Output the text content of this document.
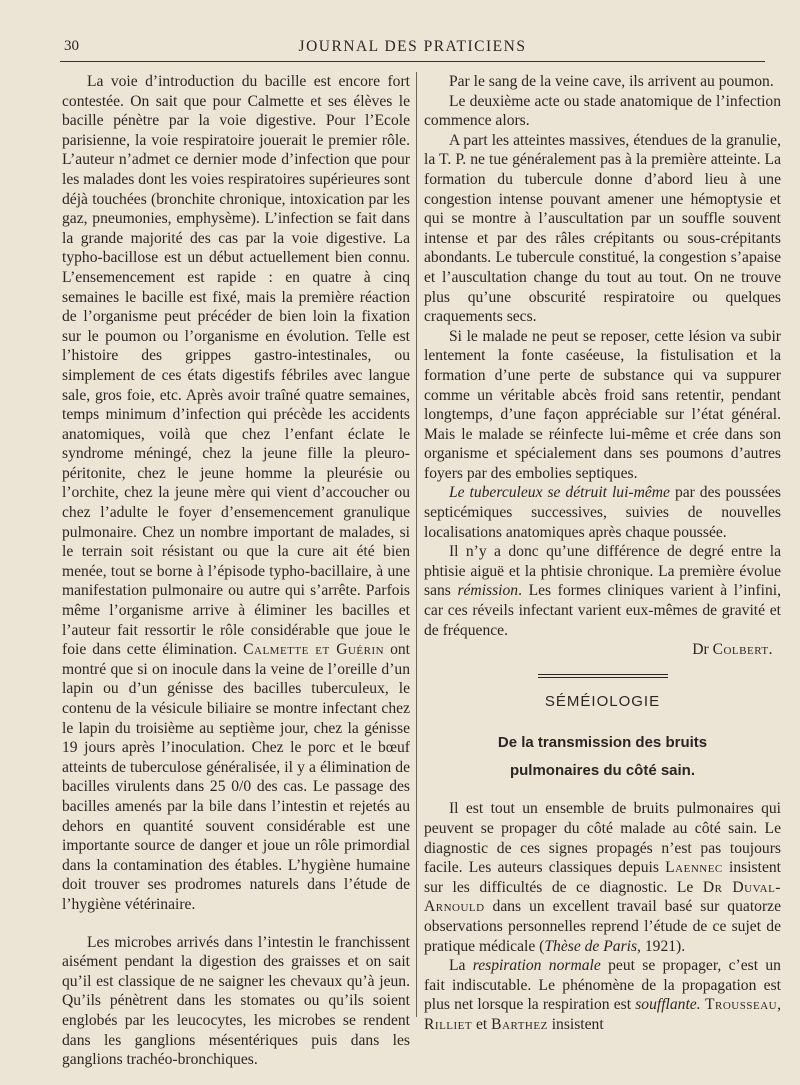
30	JOURNAL DES PRATICIENS

La voie d’introduction du bacille est encore fort contestée. On sait que pour Calmette et ses élèves le bacille pénètre par la voie digestive. Pour l’Ecole parisienne, la voie respiratoire jouerait le premier rôle. L’auteur n’admet ce dernier mode d’infection que pour les malades dont les voies respiratoires supérieures sont déjà touchées (bronchite chronique, intoxication par les gaz, pneumonies, emphysème). L’infection se fait dans la grande majorité des cas par la voie digestive. La typho-bacillose est un début actuellement bien connu. L’ensemencement est rapide : en quatre à cinq semaines le bacille est fixé, mais la première réaction de l’organisme peut précéder de bien loin la fixation sur le poumon ou l’organisme en évolution. Telle est l’histoire des grippes gastro-intestinales, ou simplement de ces états digestifs fébriles avec langue sale, gros foie, etc. Après avoir traîné quatre semaines, temps minimum d’infection qui précède les accidents anatomiques, voilà que chez l’enfant éclate le syndrome méningé, chez la jeune fille la pleuro-péritonite, chez le jeune homme la pleurésie ou l’orchite, chez la jeune mère qui vient d’accoucher ou chez l’adulte le foyer d’ensemencement granulique pulmonaire. Chez un nombre important de malades, si le terrain soit résistant ou que la cure ait été bien menée, tout se borne à l’épisode typho-bacillaire, à une manifestation pulmonaire ou autre qui s’arrête. Parfois même l’organisme arrive à éliminer les bacilles et l’auteur fait ressortir le rôle considérable que joue le foie dans cette élimination. Calmette et Guérin ont montré que si on inocule dans la veine de l’oreille d’un lapin ou d’un génisse des bacilles tuberculeux, le contenu de la vésicule biliaire se montre infectant chez le lapin du troisième au septième jour, chez la génisse 19 jours après l’inoculation. Chez le porc et le bœuf atteints de tuberculose généralisée, il y a élimination de bacilles virulents dans 25 0/0 des cas. Le passage des bacilles amenés par la bile dans l’intestin et rejetés au dehors en quantité souvent considérable est une importante source de danger et joue un rôle primordial dans la contamination des étables. L’hygiène humaine doit trouver ses prodromes naturels dans l’étude de l’hygiène vétérinaire.

Les microbes arrivés dans l’intestin le franchissent aisément pendant la digestion des graisses et on sait qu’il est classique de ne saigner les chevaux qu’à jeun. Qu’ils pénètrent dans les stomates ou qu’ils soient englobés par les leucocytes, les microbes se rendent dans les ganglions mésentériques puis dans les ganglions trachéo-bronchiques.

Par le sang de la veine cave, ils arrivent au poumon.

Le deuxième acte ou stade anatomique de l’infection commence alors.

A part les atteintes massives, étendues de la granulie, la T. P. ne tue généralement pas à la première atteinte. La formation du tubercule donne d’abord lieu à une congestion intense pouvant amener une hémoptysie et qui se montre à l’auscultation par un souffle souvent intense et par des râles crépitants ou sous-crépitants abondants. Le tubercule constitué, la congestion s’apaise et l’auscultation change du tout au tout. On ne trouve plus qu’une obscurité respiratoire ou quelques craquements secs.

Si le malade ne peut se reposer, cette lésion va subir lentement la fonte caséeuse, la fistulisation et la formation d’une perte de substance qui va suppurer comme un véritable abcès froid sans retentir, pendant longtemps, d’une façon appréciable sur l’état général. Mais le malade se réinfecte lui-même et crée dans son organisme et spécialement dans ses poumons d’autres foyers par des embolies septiques.

Le tuberculeux se détruit lui-même par des poussées septicémiques successives, suivies de nouvelles localisations anatomiques après chaque poussée.

Il n’y a donc qu’une différence de degré entre la phtisie aiguë et la phtisie chronique. La première évolue sans rémission. Les formes cliniques varient à l’infini, car ces réveils infectant varient eux-mêmes de gravité et de fréquence.

Dr Colbert.

SÉMÉIOLOGIE
De la transmission des bruits
pulmonaires du côté sain.

Il est tout un ensemble de bruits pulmonaires qui peuvent se propager du côté malade au côté sain. Le diagnostic de ces signes propagés n’est pas toujours facile. Les auteurs classiques depuis Laennec insistent sur les difficultés de ce diagnostic. Le Dr Duval-Arnould dans un excellent travail basé sur quatorze observations personnelles reprend l’étude de ce sujet de pratique médicale (Thèse de Paris, 1921).

La respiration normale peut se propager, c’est un fait indiscutable. Le phénomène de la propagation est plus net lorsque la respiration est soufflante. Trousseau, Rilliet et Barthez insistent
